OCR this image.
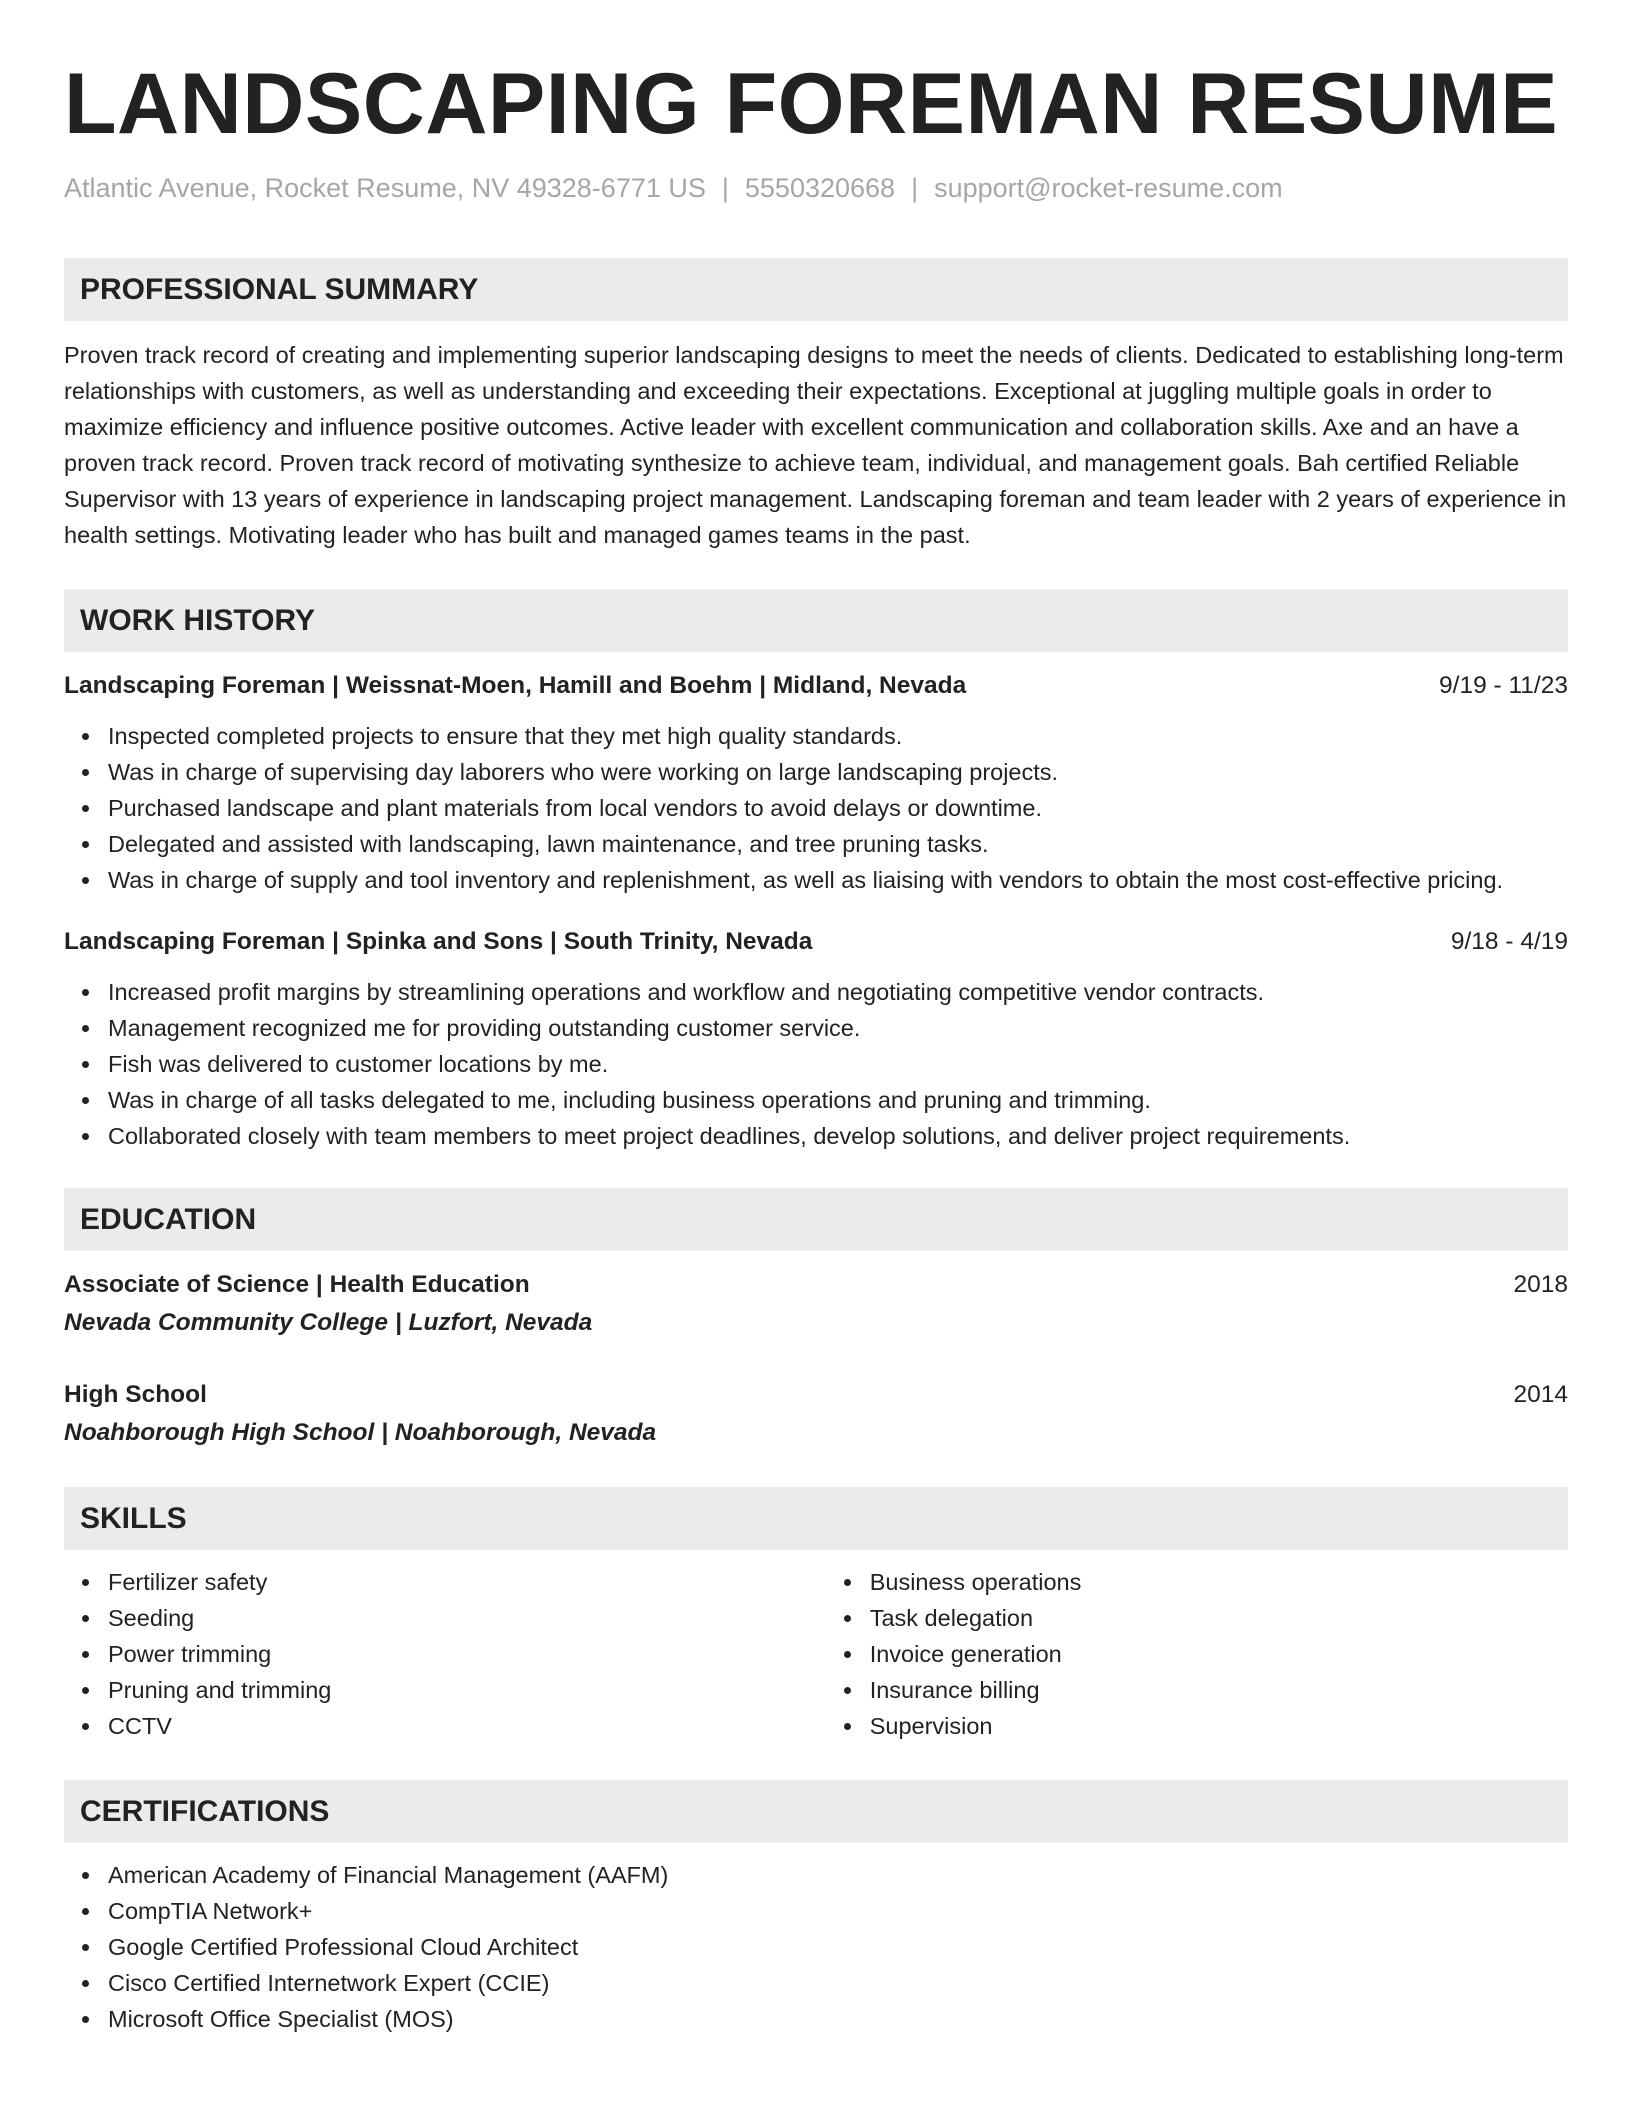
LANDSCAPING FOREMAN RESUME
Atlantic Avenue, Rocket Resume, NV 49328-6771 US | 5550320668 | support@rocket-resume.com
PROFESSIONAL SUMMARY
Proven track record of creating and implementing superior landscaping designs to meet the needs of clients. Dedicated to establishing long-term relationships with customers, as well as understanding and exceeding their expectations. Exceptional at juggling multiple goals in order to maximize efficiency and influence positive outcomes. Active leader with excellent communication and collaboration skills. Axe and an have a proven track record. Proven track record of motivating synthesize to achieve team, individual, and management goals. Bah certified Reliable Supervisor with 13 years of experience in landscaping project management. Landscaping foreman and team leader with 2 years of experience in health settings. Motivating leader who has built and managed games teams in the past.
WORK HISTORY
Landscaping Foreman | Weissnat-Moen, Hamill and Boehm | Midland, Nevada	9/19 - 11/23
Inspected completed projects to ensure that they met high quality standards.
Was in charge of supervising day laborers who were working on large landscaping projects.
Purchased landscape and plant materials from local vendors to avoid delays or downtime.
Delegated and assisted with landscaping, lawn maintenance, and tree pruning tasks.
Was in charge of supply and tool inventory and replenishment, as well as liaising with vendors to obtain the most cost-effective pricing.
Landscaping Foreman | Spinka and Sons | South Trinity, Nevada	9/18 - 4/19
Increased profit margins by streamlining operations and workflow and negotiating competitive vendor contracts.
Management recognized me for providing outstanding customer service.
Fish was delivered to customer locations by me.
Was in charge of all tasks delegated to me, including business operations and pruning and trimming.
Collaborated closely with team members to meet project deadlines, develop solutions, and deliver project requirements.
EDUCATION
Associate of Science | Health Education	2018
Nevada Community College | Luzfort, Nevada
High School	2014
Noahborough High School | Noahborough, Nevada
SKILLS
Fertilizer safety
Seeding
Power trimming
Pruning and trimming
CCTV
Business operations
Task delegation
Invoice generation
Insurance billing
Supervision
CERTIFICATIONS
American Academy of Financial Management (AAFM)
CompTIA Network+
Google Certified Professional Cloud Architect
Cisco Certified Internetwork Expert (CCIE)
Microsoft Office Specialist (MOS)
